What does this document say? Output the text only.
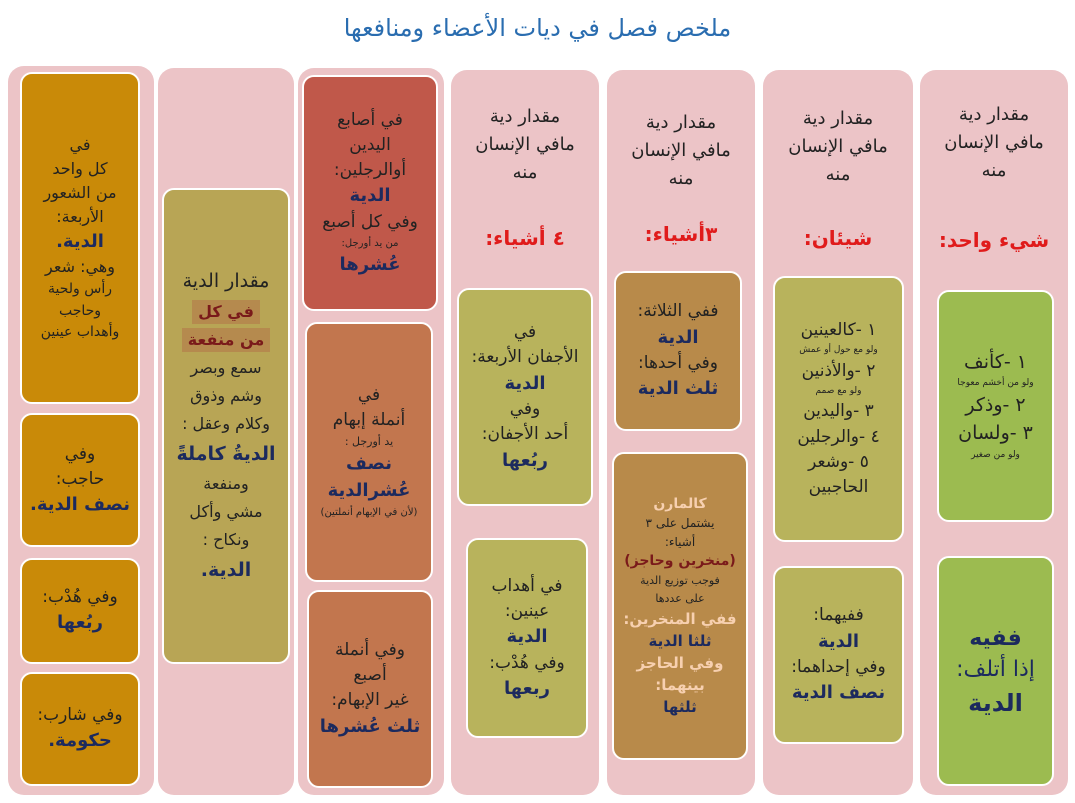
ملخص فصل في ديات الأعضاء ومنافعها
مقدار دية
مافي الإنسان
منه
شيء واحد:
١ -كأنف
ولو من أخشم معوجا
٢ -وذكر
٣ -ولسان
ولو من صغير
ففيه
إذا أتلف:
الدية
مقدار دية
مافي الإنسان
منه
شيئان:
١ -كالعينين
ولو مع حول أو عمش
٢ -والأذنين
ولو مع صمم
٣ -واليدين
٤ -والرجلين
٥ -وشعر
الحاجبين
ففيهما:
الدية
وفي إحداهما:
نصف الدية
مقدار دية
مافي الإنسان
منه
٣أشياء:
ففي الثلاثة:
الدية
وفي أحدها:
ثلث الدية
كالمارن
يشتمل على ٣
أشياء:
(منخرين وحاجز)
فوجب توزيع الدية
على عددها
ففي المنخرين:
ثلثا الدية
وفي الحاجز
بينهما:
ثلثها
مقدار دية
مافي الإنسان
منه
٤ أشياء:
في
الأجفان الأربعة:
الدية
وفي
أحد الأجفان:
ربُعها
في أهداب
عينين:
الدية
وفي هُدْب:
ربعها
في أصابع
اليدين
أوالرجلين:
الدية
وفي كل أصبع
من يد أورجل:
عُشرها
في
أنملة إبهام
يد أورجل :
نصف
عُشرالدية
(لأن في الإبهام أنملتين)
وفي أنملة
أصبع
غير الإبهام:
ثلث عُشرها
مقدار الدية
في كل
من منفعة
سمع وبصر
وشم وذوق
وكلام وعقل :
الديةُ كاملةً
ومنفعة
مشي وأكل
ونكاح :
الدية.
في
كل واحد
من الشعور
الأربعة:
الدية.
وهي: شعر
رأس ولحية
وحاجب
وأهداب عينين
وفي
حاجب:
نصف الدية.
وفي هُدْب:
ربُعها
وفي شارب:
حكومة.
